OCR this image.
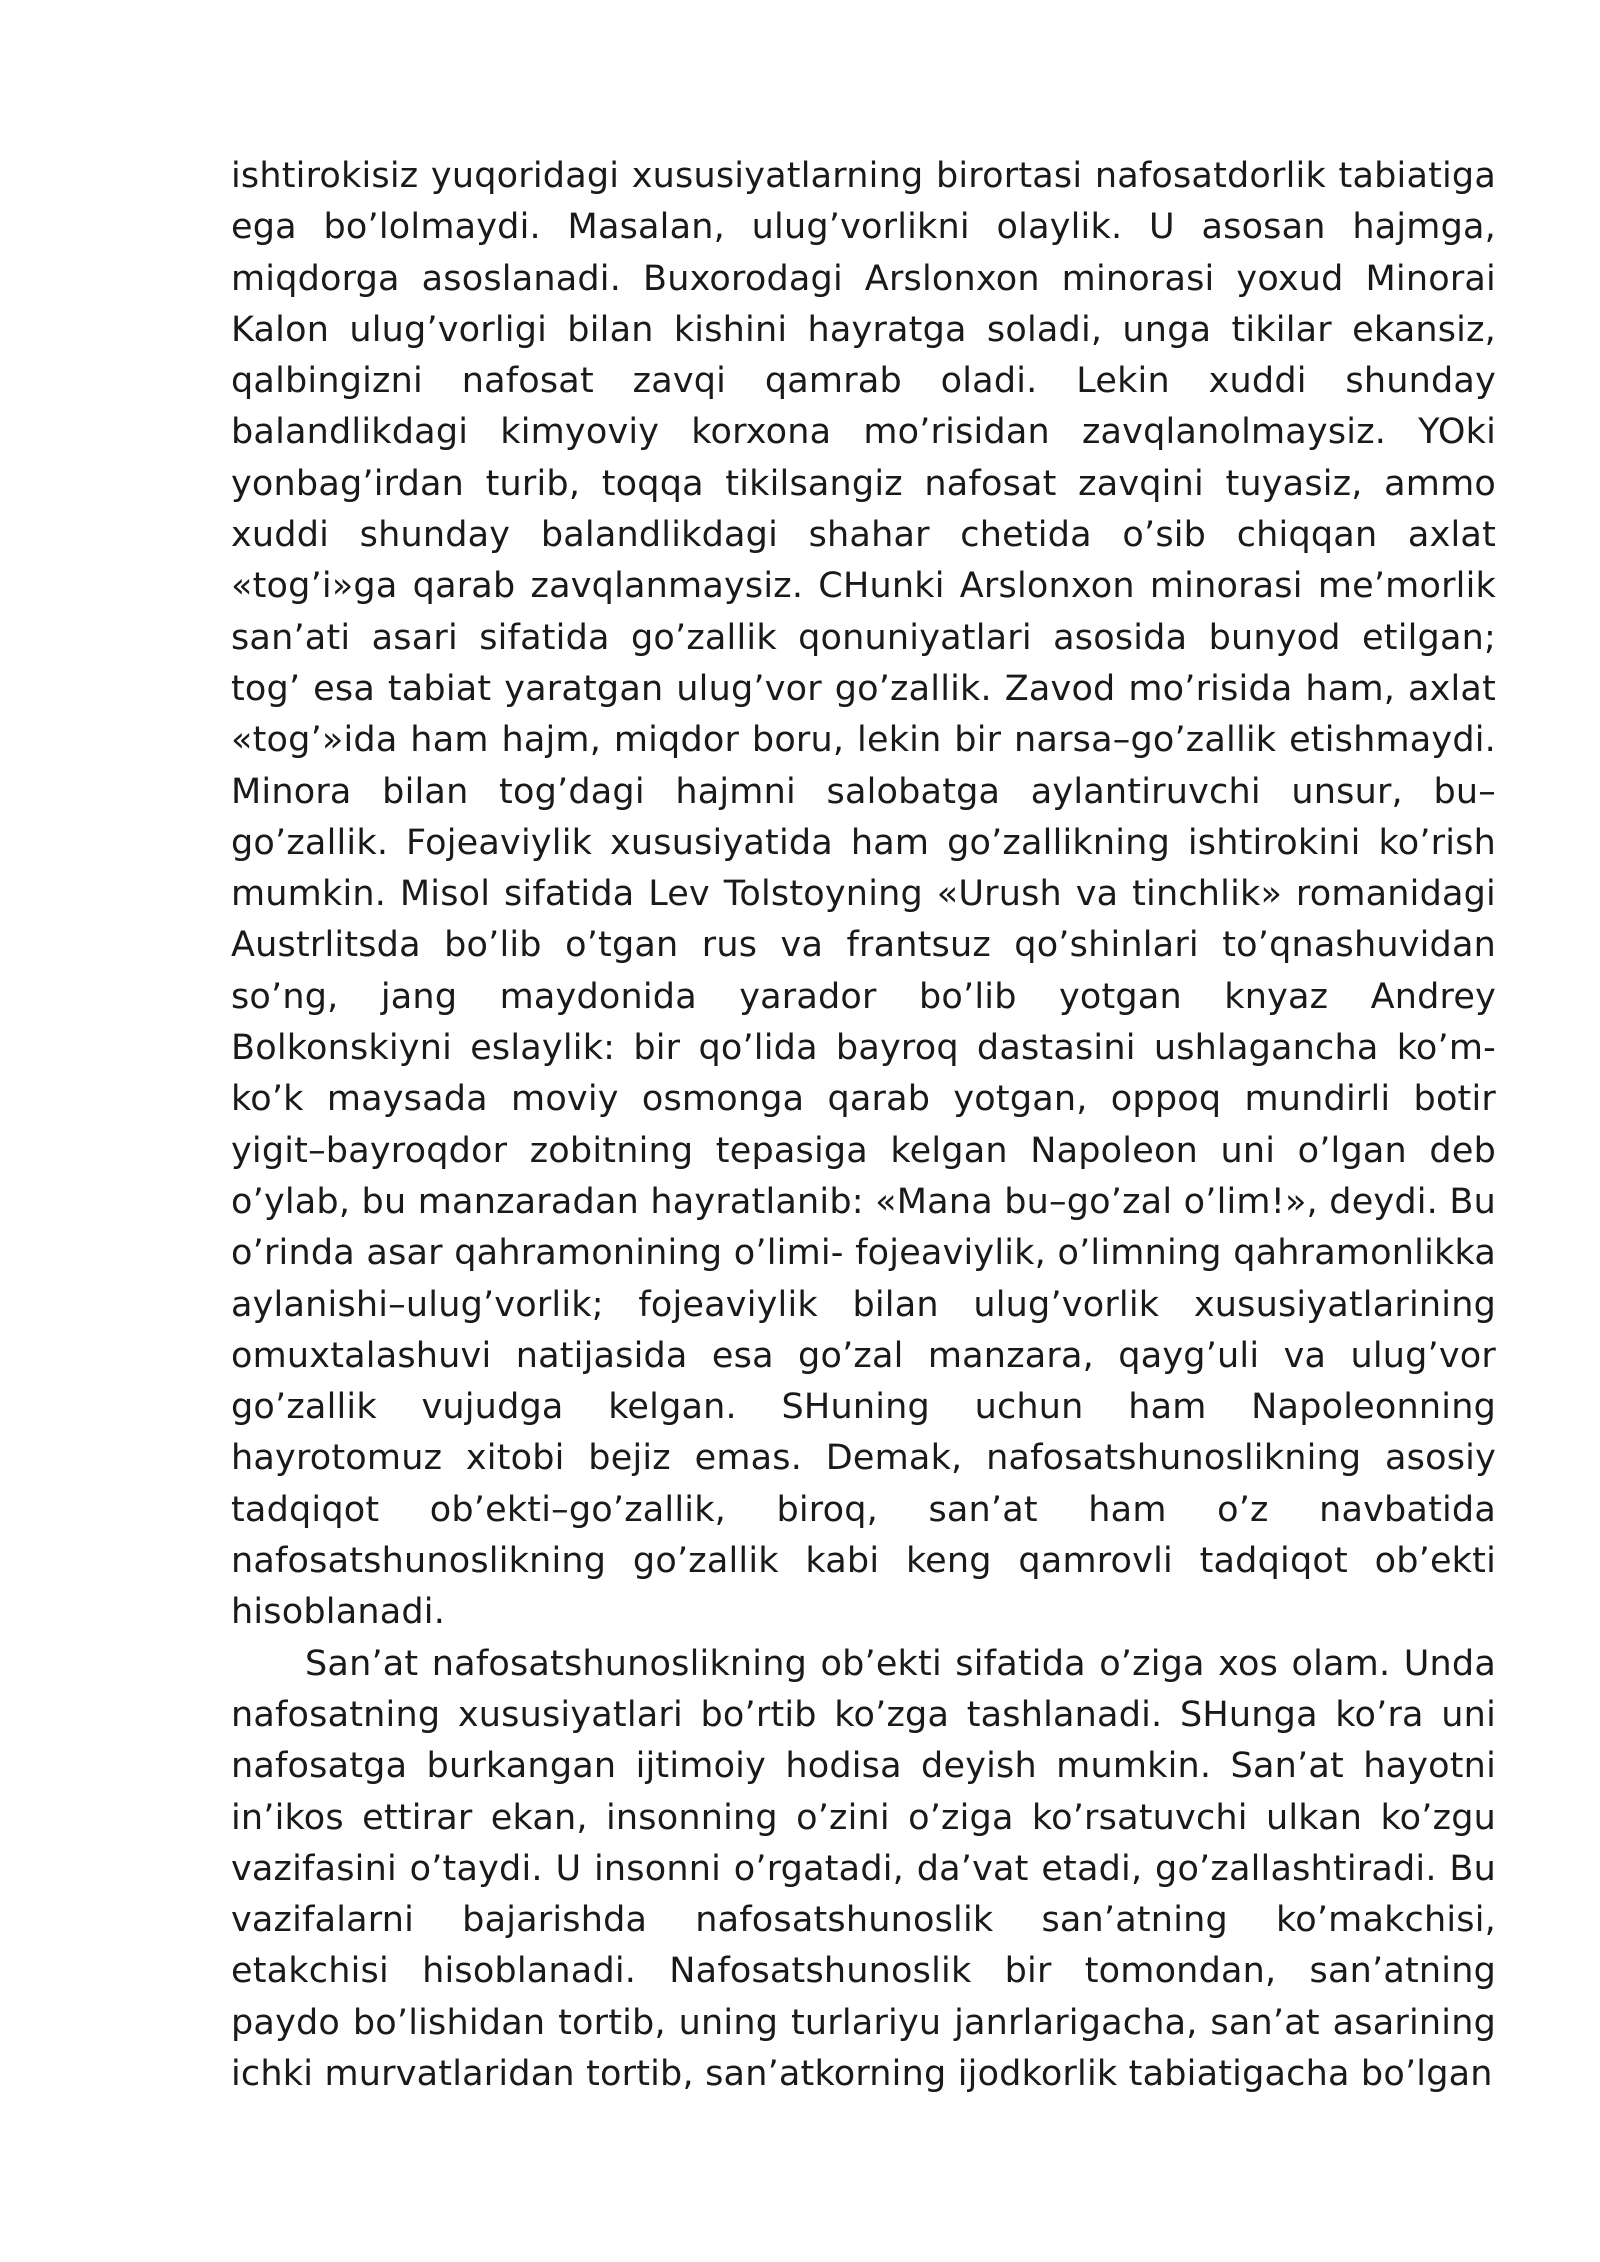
ishtirokisiz yuqoridagi xususiyatlarning birortasi nafosatdorlik tabiatiga ega bo’lolmaydi. Masalan, ulug’vorlikni olaylik. U asosan hajmga, miqdorga asoslanadi. Buxorodagi Arslonxon minorasi yoxud Minorai Kalon ulug’vorligi bilan kishini hayratga soladi, unga tikilar ekansiz, qalbingizni nafosat zavqi qamrab oladi. Lekin xuddi shunday balandlikdagi kimyoviy korxona mo’risidan zavqlanolmaysiz. YOki yonbag’irdan turib, toqqa tikilsangiz nafosat zavqini tuyasiz, ammo xuddi shunday balandlikdagi shahar chetida o’sib chiqqan axlat «tog’i»ga qarab zavqlanmaysiz. CHunki Arslonxon minorasi me’morlik san’ati asari sifatida go’zallik qonuniyatlari asosida bunyod etilgan; tog’ esa tabiat yaratgan ulug’vor go’zallik. Zavod mo’risida ham, axlat «tog’»ida ham hajm, miqdor boru, lekin bir narsa–go’zallik etishmaydi. Minora bilan tog’dagi hajmni salobatga aylantiruvchi unsur, bu–go’zallik. Fojeaviylik xususiyatida ham go’zallikning ishtirokini ko’rish mumkin. Misol sifatida Lev Tolstoyning «Urush va tinchlik» romanidagi Austrlitsda bo’lib o’tgan rus va frantsuz qo’shinlari to’qnashuvidan so’ng, jang maydonida yarador bo’lib yotgan knyaz Andrey Bolkonskiyni eslaylik: bir qo’lida bayroq dastasini ushlagancha ko’m-ko’k maysada moviy osmonga qarab yotgan, oppoq mundirli botir yigit–bayroqdor zobitning tepasiga kelgan Napoleon uni o’lgan deb o’ylab, bu manzaradan hayratlanib: «Mana bu–go’zal o’lim!», deydi. Bu o’rinda asar qahramonining o’limi- fojeaviylik, o’limning qahramonlikka aylanishi–ulug’vorlik; fojeaviylik bilan ulug’vorlik xususiyatlarining omuxtalashuvi natijasida esa go’zal manzara, qayg’uli va ulug’vor go’zallik vujudga kelgan. SHuning uchun ham Napoleonning hayrotomuz xitobi bejiz emas. Demak, nafosatshunoslikning asosiy tadqiqot ob’ekti–go’zallik, biroq, san’at ham o’z navbatida nafosatshunoslikning go’zallik kabi keng qamrovli tadqiqot ob’ekti hisoblanadi.

San’at nafosatshunoslikning ob’ekti sifatida o’ziga xos olam. Unda nafosatning xususiyatlari bo’rtib ko’zga tashlanadi. SHunga ko’ra uni nafosatga burkangan ijtimoiy hodisa deyish mumkin. San’at hayotni in’ikos ettirar ekan, insonning o’zini o’ziga ko’rsatuvchi ulkan ko’zgu vazifasini o’taydi. U insonni o’rgatadi, da’vat etadi, go’zallashtiradi. Bu vazifalarni bajarishda nafosatshunoslik san’atning ko’makchisi, etakchisi hisoblanadi. Nafosatshunoslik bir tomondan, san’atning paydo bo’lishidan tortib, uning turlariyu janrlarigacha, san’at asarining ichki murvatlaridan tortib, san’atkorning ijodkorlik tabiatigacha bo’lgan
